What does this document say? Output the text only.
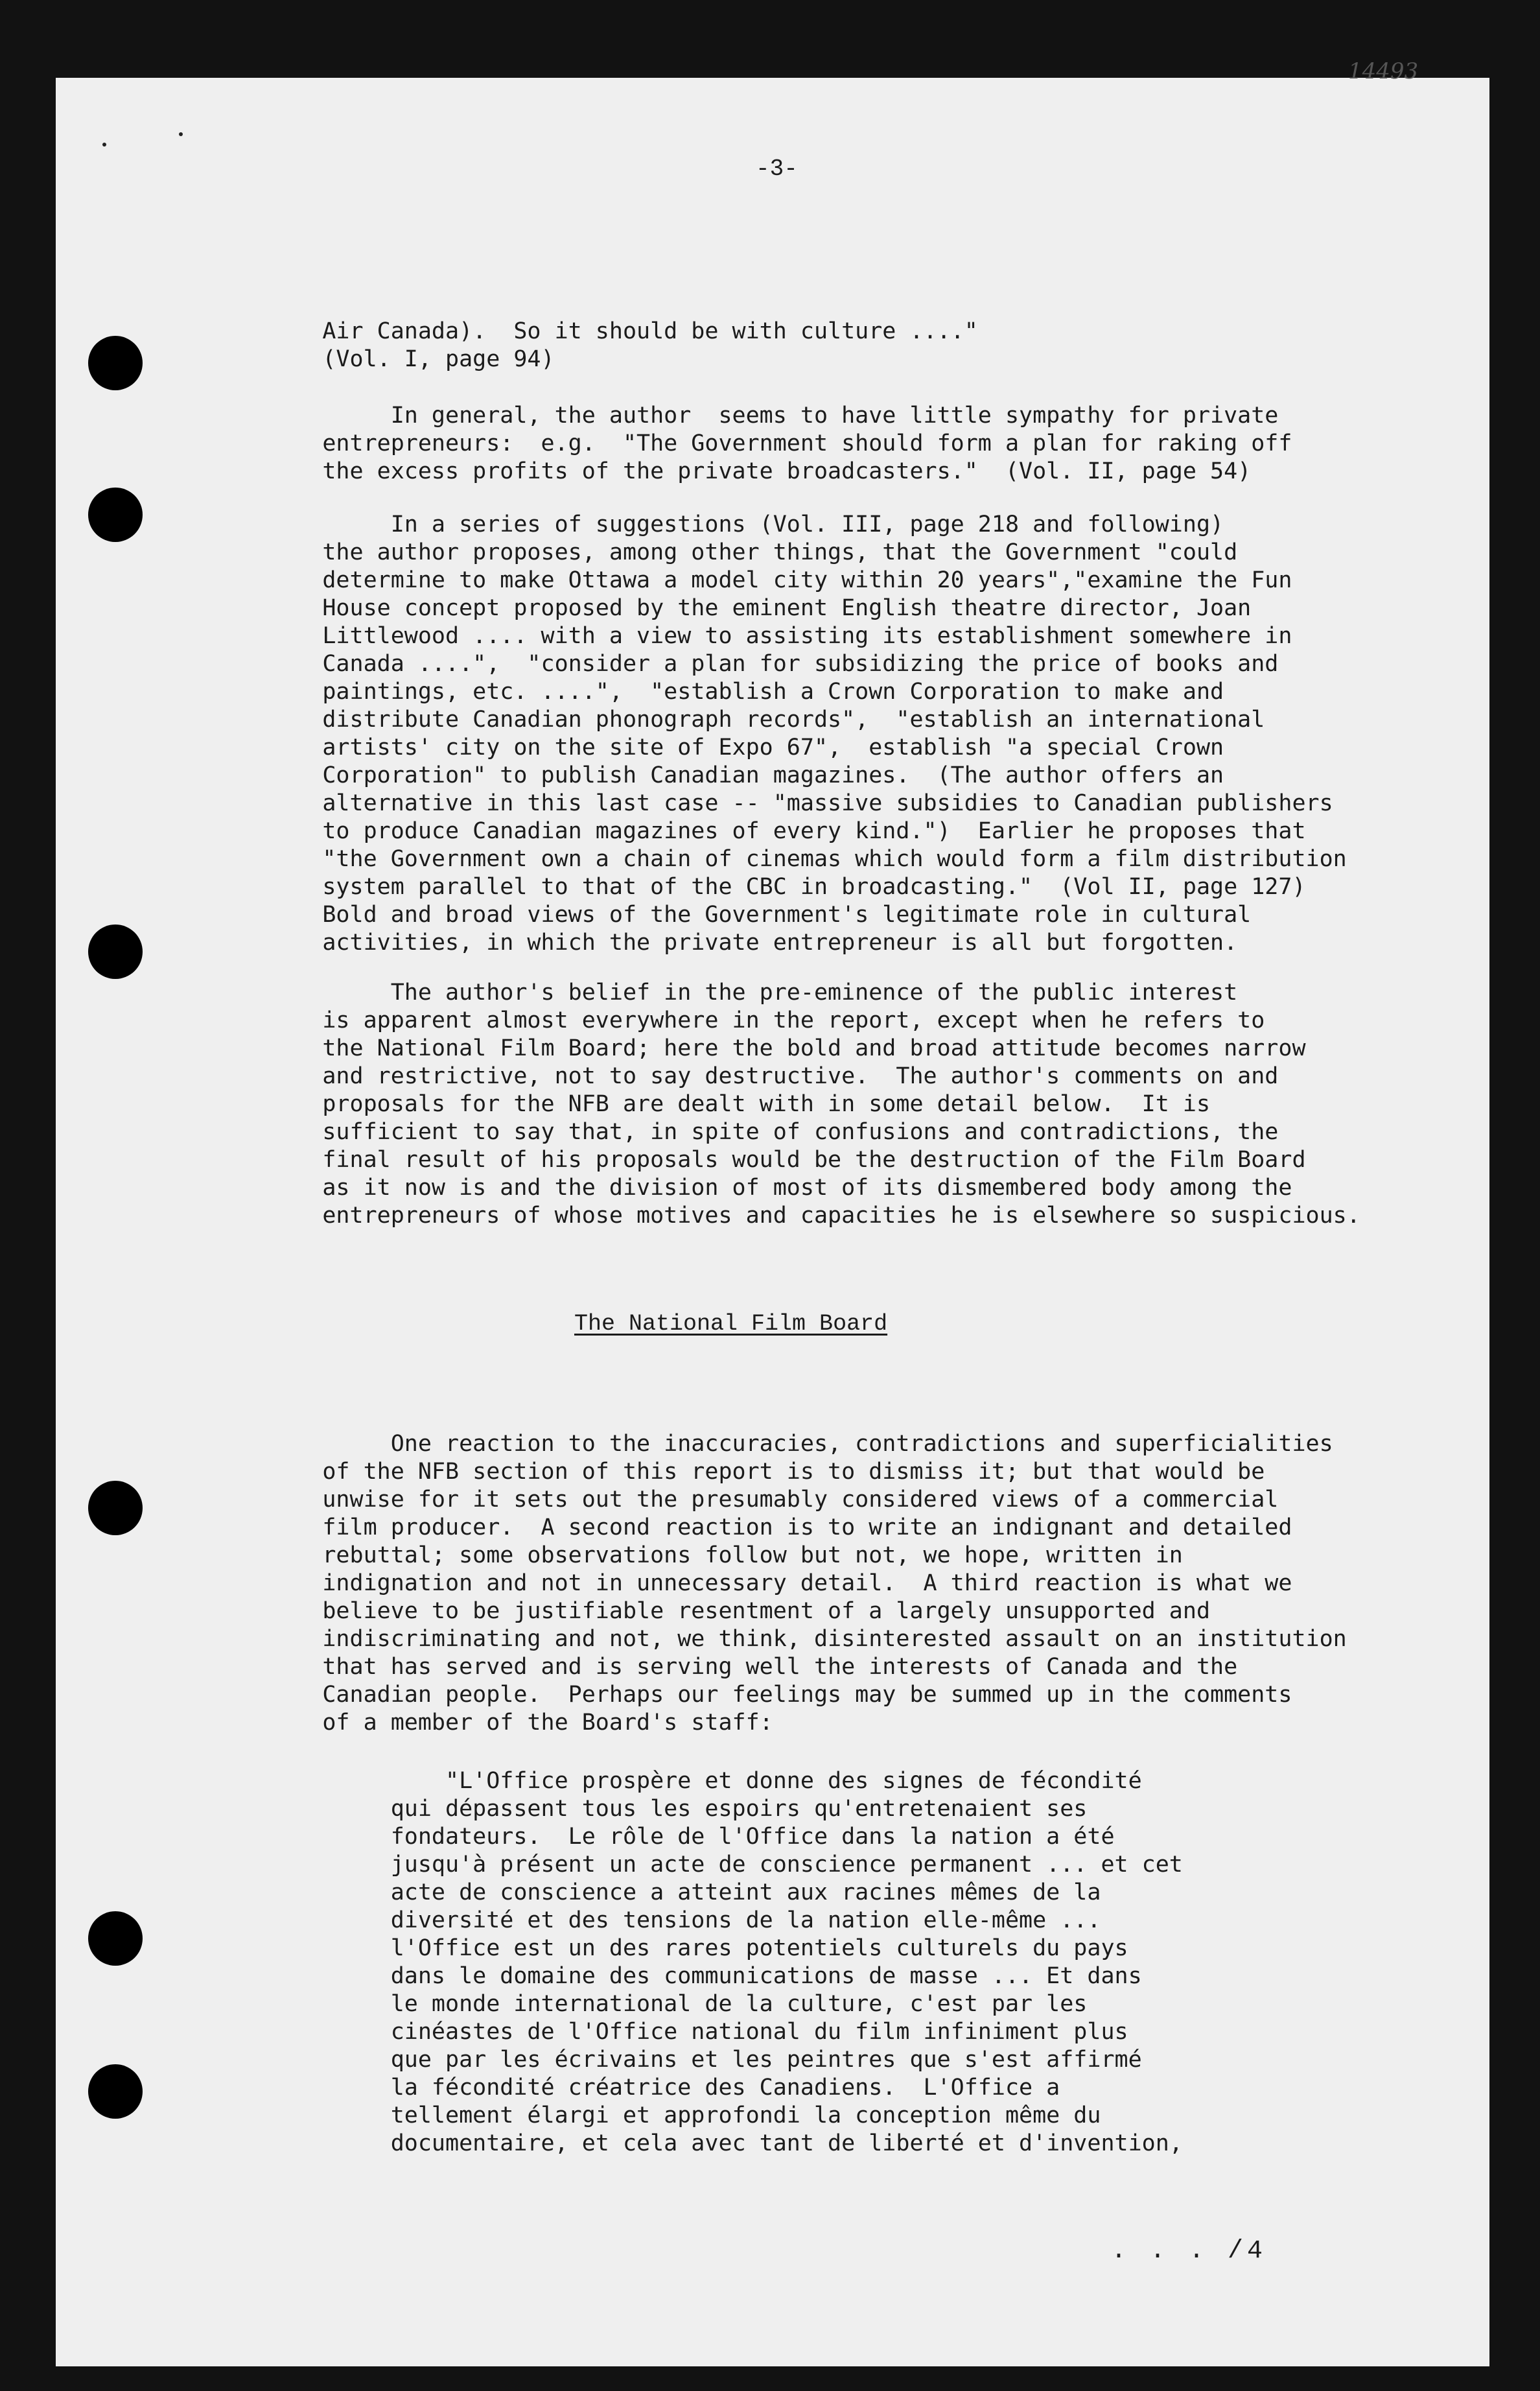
-3-
Air Canada).  So it should be with culture ...."
(Vol. I, page 94)
In general, the author  seems to have little sympathy for private
entrepreneurs:  e.g.  "The Government should form a plan for raking off
the excess profits of the private broadcasters."  (Vol. II, page 54)
In a series of suggestions (Vol. III, page 218 and following)
the author proposes, among other things, that the Government "could
determine to make Ottawa a model city within 20 years","examine the Fun
House concept proposed by the eminent English theatre director, Joan
Littlewood .... with a view to assisting its establishment somewhere in
Canada ....",  "consider a plan for subsidizing the price of books and
paintings, etc. ....",  "establish a Crown Corporation to make and
distribute Canadian phonograph records",  "establish an international
artists' city on the site of Expo 67",  establish "a special Crown
Corporation" to publish Canadian magazines.  (The author offers an
alternative in this last case -- "massive subsidies to Canadian publishers
to produce Canadian magazines of every kind.")  Earlier he proposes that
"the Government own a chain of cinemas which would form a film distribution
system parallel to that of the CBC in broadcasting."  (Vol II, page 127)
Bold and broad views of the Government's legitimate role in cultural
activities, in which the private entrepreneur is all but forgotten.
The author's belief in the pre-eminence of the public interest
is apparent almost everywhere in the report, except when he refers to
the National Film Board; here the bold and broad attitude becomes narrow
and restrictive, not to say destructive.  The author's comments on and
proposals for the NFB are dealt with in some detail below.  It is
sufficient to say that, in spite of confusions and contradictions, the
final result of his proposals would be the destruction of the Film Board
as it now is and the division of most of its dismembered body among the
entrepreneurs of whose motives and capacities he is elsewhere so suspicious.
The National Film Board
One reaction to the inaccuracies, contradictions and superficialities
of the NFB section of this report is to dismiss it; but that would be
unwise for it sets out the presumably considered views of a commercial
film producer.  A second reaction is to write an indignant and detailed
rebuttal; some observations follow but not, we hope, written in
indignation and not in unnecessary detail.  A third reaction is what we
believe to be justifiable resentment of a largely unsupported and
indiscriminating and not, we think, disinterested assault on an institution
that has served and is serving well the interests of Canada and the
Canadian people.  Perhaps our feelings may be summed up in the comments
of a member of the Board's staff:
"L'Office prospère et donne des signes de fécondité
qui dépassent tous les espoirs qu'entretenaient ses
fondateurs.  Le rôle de l'Office dans la nation a été
jusqu'à présent un acte de conscience permanent ... et cet
acte de conscience a atteint aux racines mêmes de la
diversité et des tensions de la nation elle-même ...
l'Office est un des rares potentiels culturels du pays
dans le domaine des communications de masse ... Et dans
le monde international de la culture, c'est par les
cinéastes de l'Office national du film infiniment plus
que par les écrivains et les peintres que s'est affirmé
la fécondité créatrice des Canadiens.  L'Office a
tellement élargi et approfondi la conception même du
documentaire, et cela avec tant de liberté et d'invention,
. . . /4
14493
